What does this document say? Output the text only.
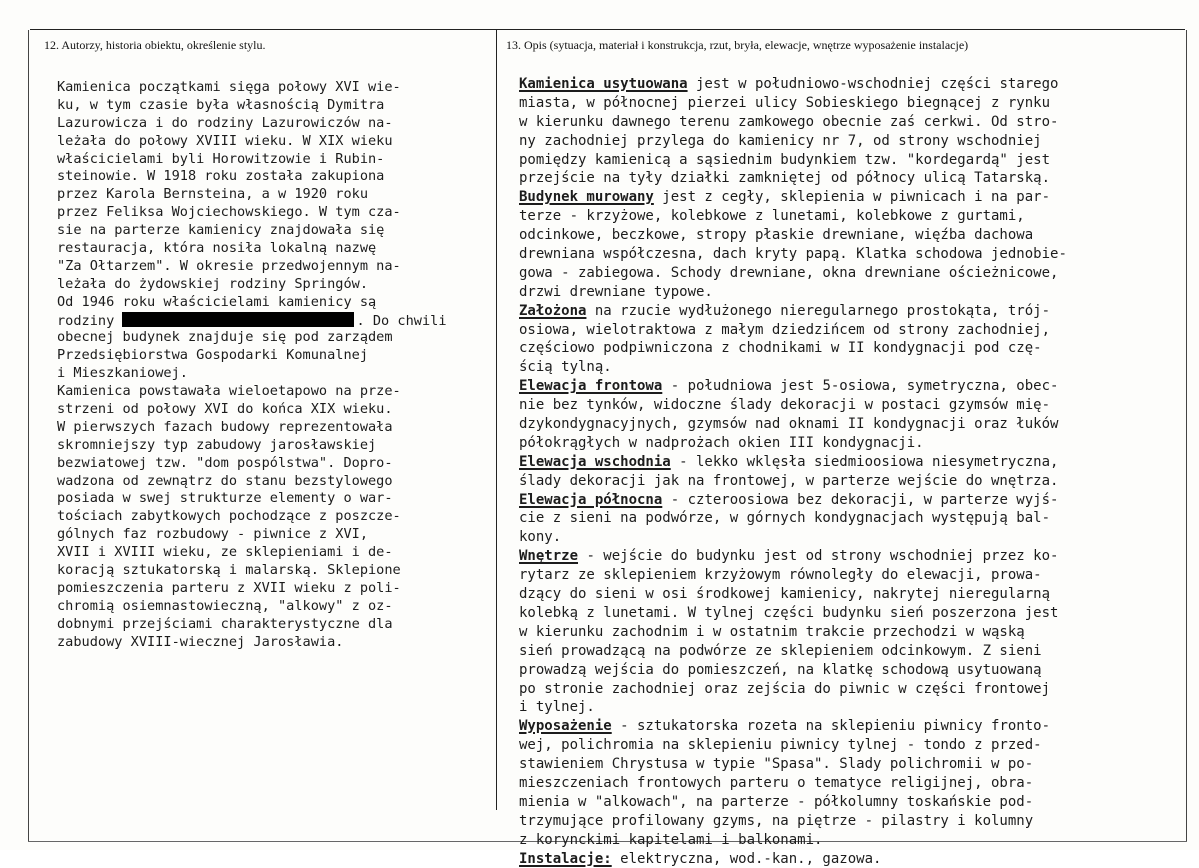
12. Autorzy, historia obiektu, określenie stylu.	13. Opis (sytuacja, materiał i konstrukcja, rzut, bryła, elewacje, wnętrze wyposażenie instalacje)
Kamienica początkami sięga połowy XVI wie-
ku, w tym czasie była własnością Dymitra
Lazurowicza i do rodziny Lazurowiczów na-
leżała do połowy XVIII wieku. W XIX wieku
właścicielami byli Horowitzowie i Rubin-
steinowie. W 1918 roku została zakupiona
przez Karola Bernsteina, a w 1920 roku
przez Feliksa Wojciechowskiego. W tym cza-
sie na parterze kamienicy znajdowała się
restauracja, która nosiła lokalną nazwę
"Za Ołtarzem". W okresie przedwojennym na-
leżała do żydowskiej rodziny Springów.
Od 1946 roku właścicielami kamienicy są
rodziny	. Do chwili
obecnej budynek znajduje się pod zarządem
Przedsiębiorstwa Gospodarki Komunalnej
i Mieszkaniowej.
Kamienica powstawała wieloetapowo na prze-
strzeni od połowy XVI do końca XIX wieku.
W pierwszych fazach budowy reprezentowała
skromniejszy typ zabudowy jarosławskiej
bezwiatowej tzw. "dom pospólstwa". Dopro-
wadzona od zewnątrz do stanu bezstylowego
posiada w swej strukturze elementy o war-
tościach zabytkowych pochodzące z poszcze-
gólnych faz rozbudowy - piwnice z XVI,
XVII i XVIII wieku, ze sklepieniami i de-
koracją sztukatorską i malarską. Sklepione
pomieszczenia parteru z XVII wieku z poli-
chromią osiemnastowieczną, "alkowy" z oz-
dobnymi przejściami charakterystyczne dla
zabudowy XVIII-wiecznej Jarosławia.
Kamienica usytuowana jest w południowo-wschodniej części starego
miasta, w północnej pierzei ulicy Sobieskiego biegnącej z rynku
w kierunku dawnego terenu zamkowego obecnie zaś cerkwi. Od stro-
ny zachodniej przylega do kamienicy nr 7, od strony wschodniej
pomiędzy kamienicą a sąsiednim budynkiem tzw. "kordegardą" jest
przejście na tyły działki zamkniętej od północy ulicą Tatarską.
Budynek murowany jest z cegły, sklepienia w piwnicach i na par-
terze - krzyżowe, kolebkowe z lunetami, kolebkowe z gurtami,
odcinkowe, beczkowe, stropy płaskie drewniane, więźba dachowa
drewniana współczesna, dach kryty papą. Klatka schodowa jednobie-
gowa - zabiegowa. Schody drewniane, okna drewniane ościeżnicowe,
drzwi drewniane typowe.
Założona na rzucie wydłużonego nieregularnego prostokąta, trój-
osiowa, wielotraktowa z małym dziedzińcem od strony zachodniej,
częściowo podpiwniczona z chodnikami w II kondygnacji pod czę-
ścią tylną.
Elewacja frontowa - południowa jest 5-osiowa, symetryczna, obec-
nie bez tynków, widoczne ślady dekoracji w postaci gzymsów mię-
dzykondygnacyjnych, gzymsów nad oknami II kondygnacji oraz łuków
półokrągłych w nadprożach okien III kondygnacji.
Elewacja wschodnia - lekko wklęsła siedmioosiowa niesymetryczna,
ślady dekoracji jak na frontowej, w parterze wejście do wnętrza.
Elewacja północna - czteroosiowa bez dekoracji, w parterze wyjś-
cie z sieni na podwórze, w górnych kondygnacjach występują bal-
kony.
Wnętrze - wejście do budynku jest od strony wschodniej przez ko-
rytarz ze sklepieniem krzyżowym równoległy do elewacji, prowa-
dzący do sieni w osi środkowej kamienicy, nakrytej nieregularną
kolebką z lunetami. W tylnej części budynku sień poszerzona jest
w kierunku zachodnim i w ostatnim trakcie przechodzi w wąską
sień prowadzącą na podwórze ze sklepieniem odcinkowym. Z sieni
prowadzą wejścia do pomieszczeń, na klatkę schodową usytuowaną
po stronie zachodniej oraz zejścia do piwnic w części frontowej
i tylnej.
Wyposażenie - sztukatorska rozeta na sklepieniu piwnicy fronto-
wej, polichromia na sklepieniu piwnicy tylnej - tondo z przed-
stawieniem Chrystusa w typie "Spasa". Slady polichromii w po-
mieszczeniach frontowych parteru o tematyce religijnej, obra-
mienia w "alkowach", na parterze - półkolumny toskańskie pod-
trzymujące profilowany gzyms, na piętrze - pilastry i kolumny
z korynckimi kapitelami i balkonami.
Instalacje: elektryczna, wod.-kan., gazowa.
